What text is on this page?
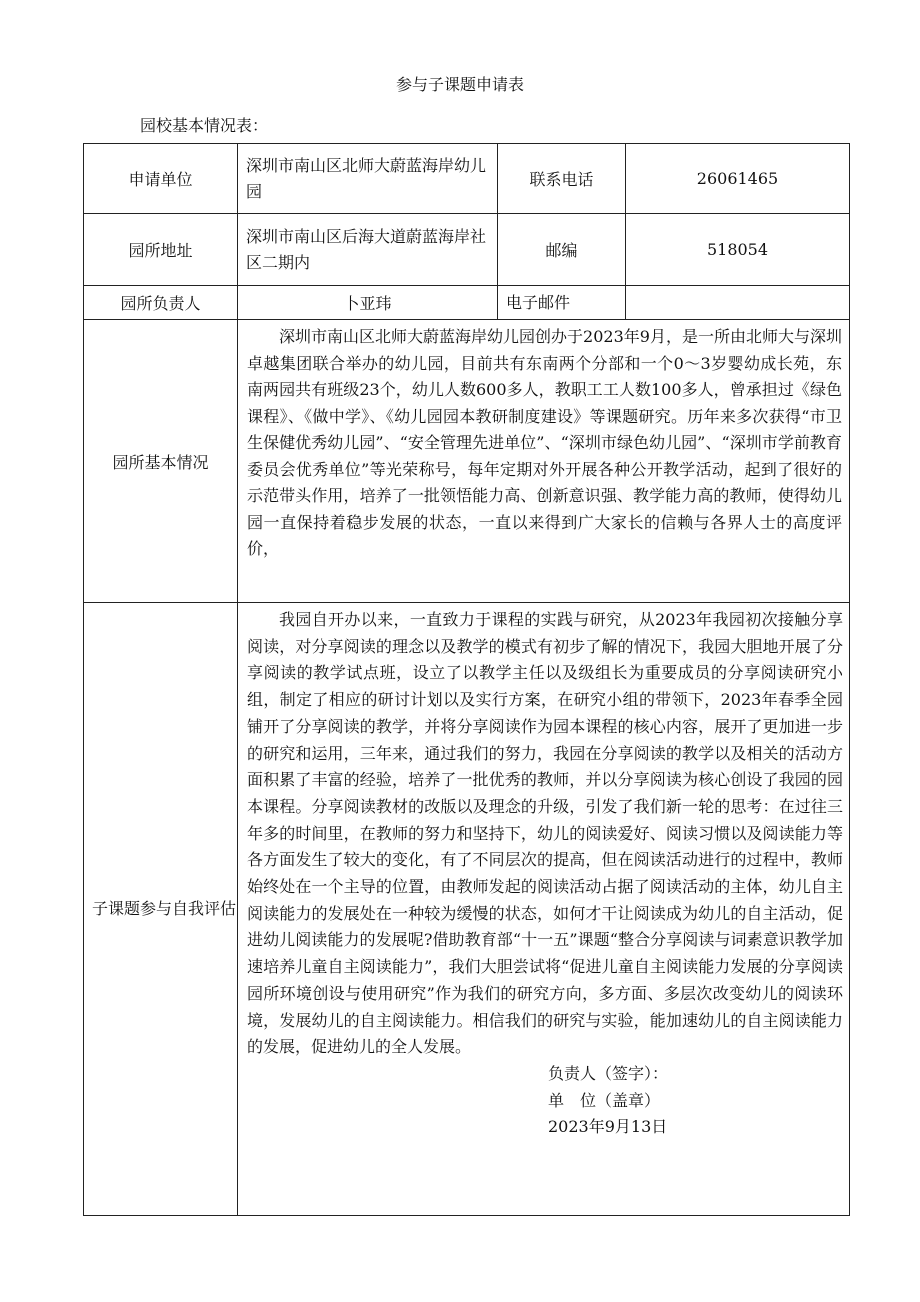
参与子课题申请表
园校基本情况表：
申请单位	深圳市南山区北师大蔚蓝海岸幼儿园	联系电话	26061465
园所地址	深圳市南山区后海大道蔚蓝海岸社区二期内	邮编	518054
园所负责人	卜亚玮	电子邮件	
园所基本情况	深圳市南山区北师大蔚蓝海岸幼儿园创办于2023年9月，是一所由北师大与深圳卓越集团联合举办的幼儿园，目前共有东南两个分部和一个0～3岁婴幼成长苑，东南两园共有班级23个，幼儿人数600多人，教职工工人数100多人，曾承担过《绿色课程》、《做中学》、《幼儿园园本教研制度建设》等课题研究。历年来多次获得“市卫生保健优秀幼儿园”、“安全管理先进单位”、“深圳市绿色幼儿园”、“深圳市学前教育委员会优秀单位”等光荣称号，每年定期对外开展各种公开教学活动，起到了很好的示范带头作用，培养了一批领悟能力高、创新意识强、教学能力高的教师，使得幼儿园一直保持着稳步发展的状态，一直以来得到广大家长的信赖与各界人士的高度评价，		

子课题参与自我评估	我园自开办以来，一直致力于课程的实践与研究，从2023年我园初次接触分享阅读，对分享阅读的理念以及教学的模式有初步了解的情况下，我园大胆地开展了分享阅读的教学试点班，设立了以教学主任以及级组长为重要成员的分享阅读研究小组，制定了相应的研讨计划以及实行方案，在研究小组的带领下，2023年春季全园铺开了分享阅读的教学，并将分享阅读作为园本课程的核心内容，展开了更加进一步的研究和运用，三年来，通过我们的努力，我园在分享阅读的教学以及相关的活动方面积累了丰富的经验，培养了一批优秀的教师，并以分享阅读为核心创设了我园的园本课程。分享阅读教材的改版以及理念的升级，引发了我们新一轮的思考：在过往三年多的时间里，在教师的努力和坚持下，幼儿的阅读爱好、阅读习惯以及阅读能力等各方面发生了较大的变化，有了不同层次的提高，但在阅读活动进行的过程中，教师始终处在一个主导的位置，由教师发起的阅读活动占据了阅读活动的主体，幼儿自主阅读能力的发展处在一种较为缓慢的状态，如何才干让阅读成为幼儿的自主活动，促进幼儿阅读能力的发展呢?借助教育部“十一五”课题“整合分享阅读与词素意识教学加速培养儿童自主阅读能力”，我们大胆尝试将“促进儿童自主阅读能力发展的分享阅读园所环境创设与使用研究”作为我们的研究方向，多方面、多层次改变幼儿的阅读环境，发展幼儿的自主阅读能力。相信我们的研究与实验，能加速幼儿的自主阅读能力的发展，促进幼儿的全人发展。
负责人（签字）：
单　位（盖章）
2023年9月13日		
